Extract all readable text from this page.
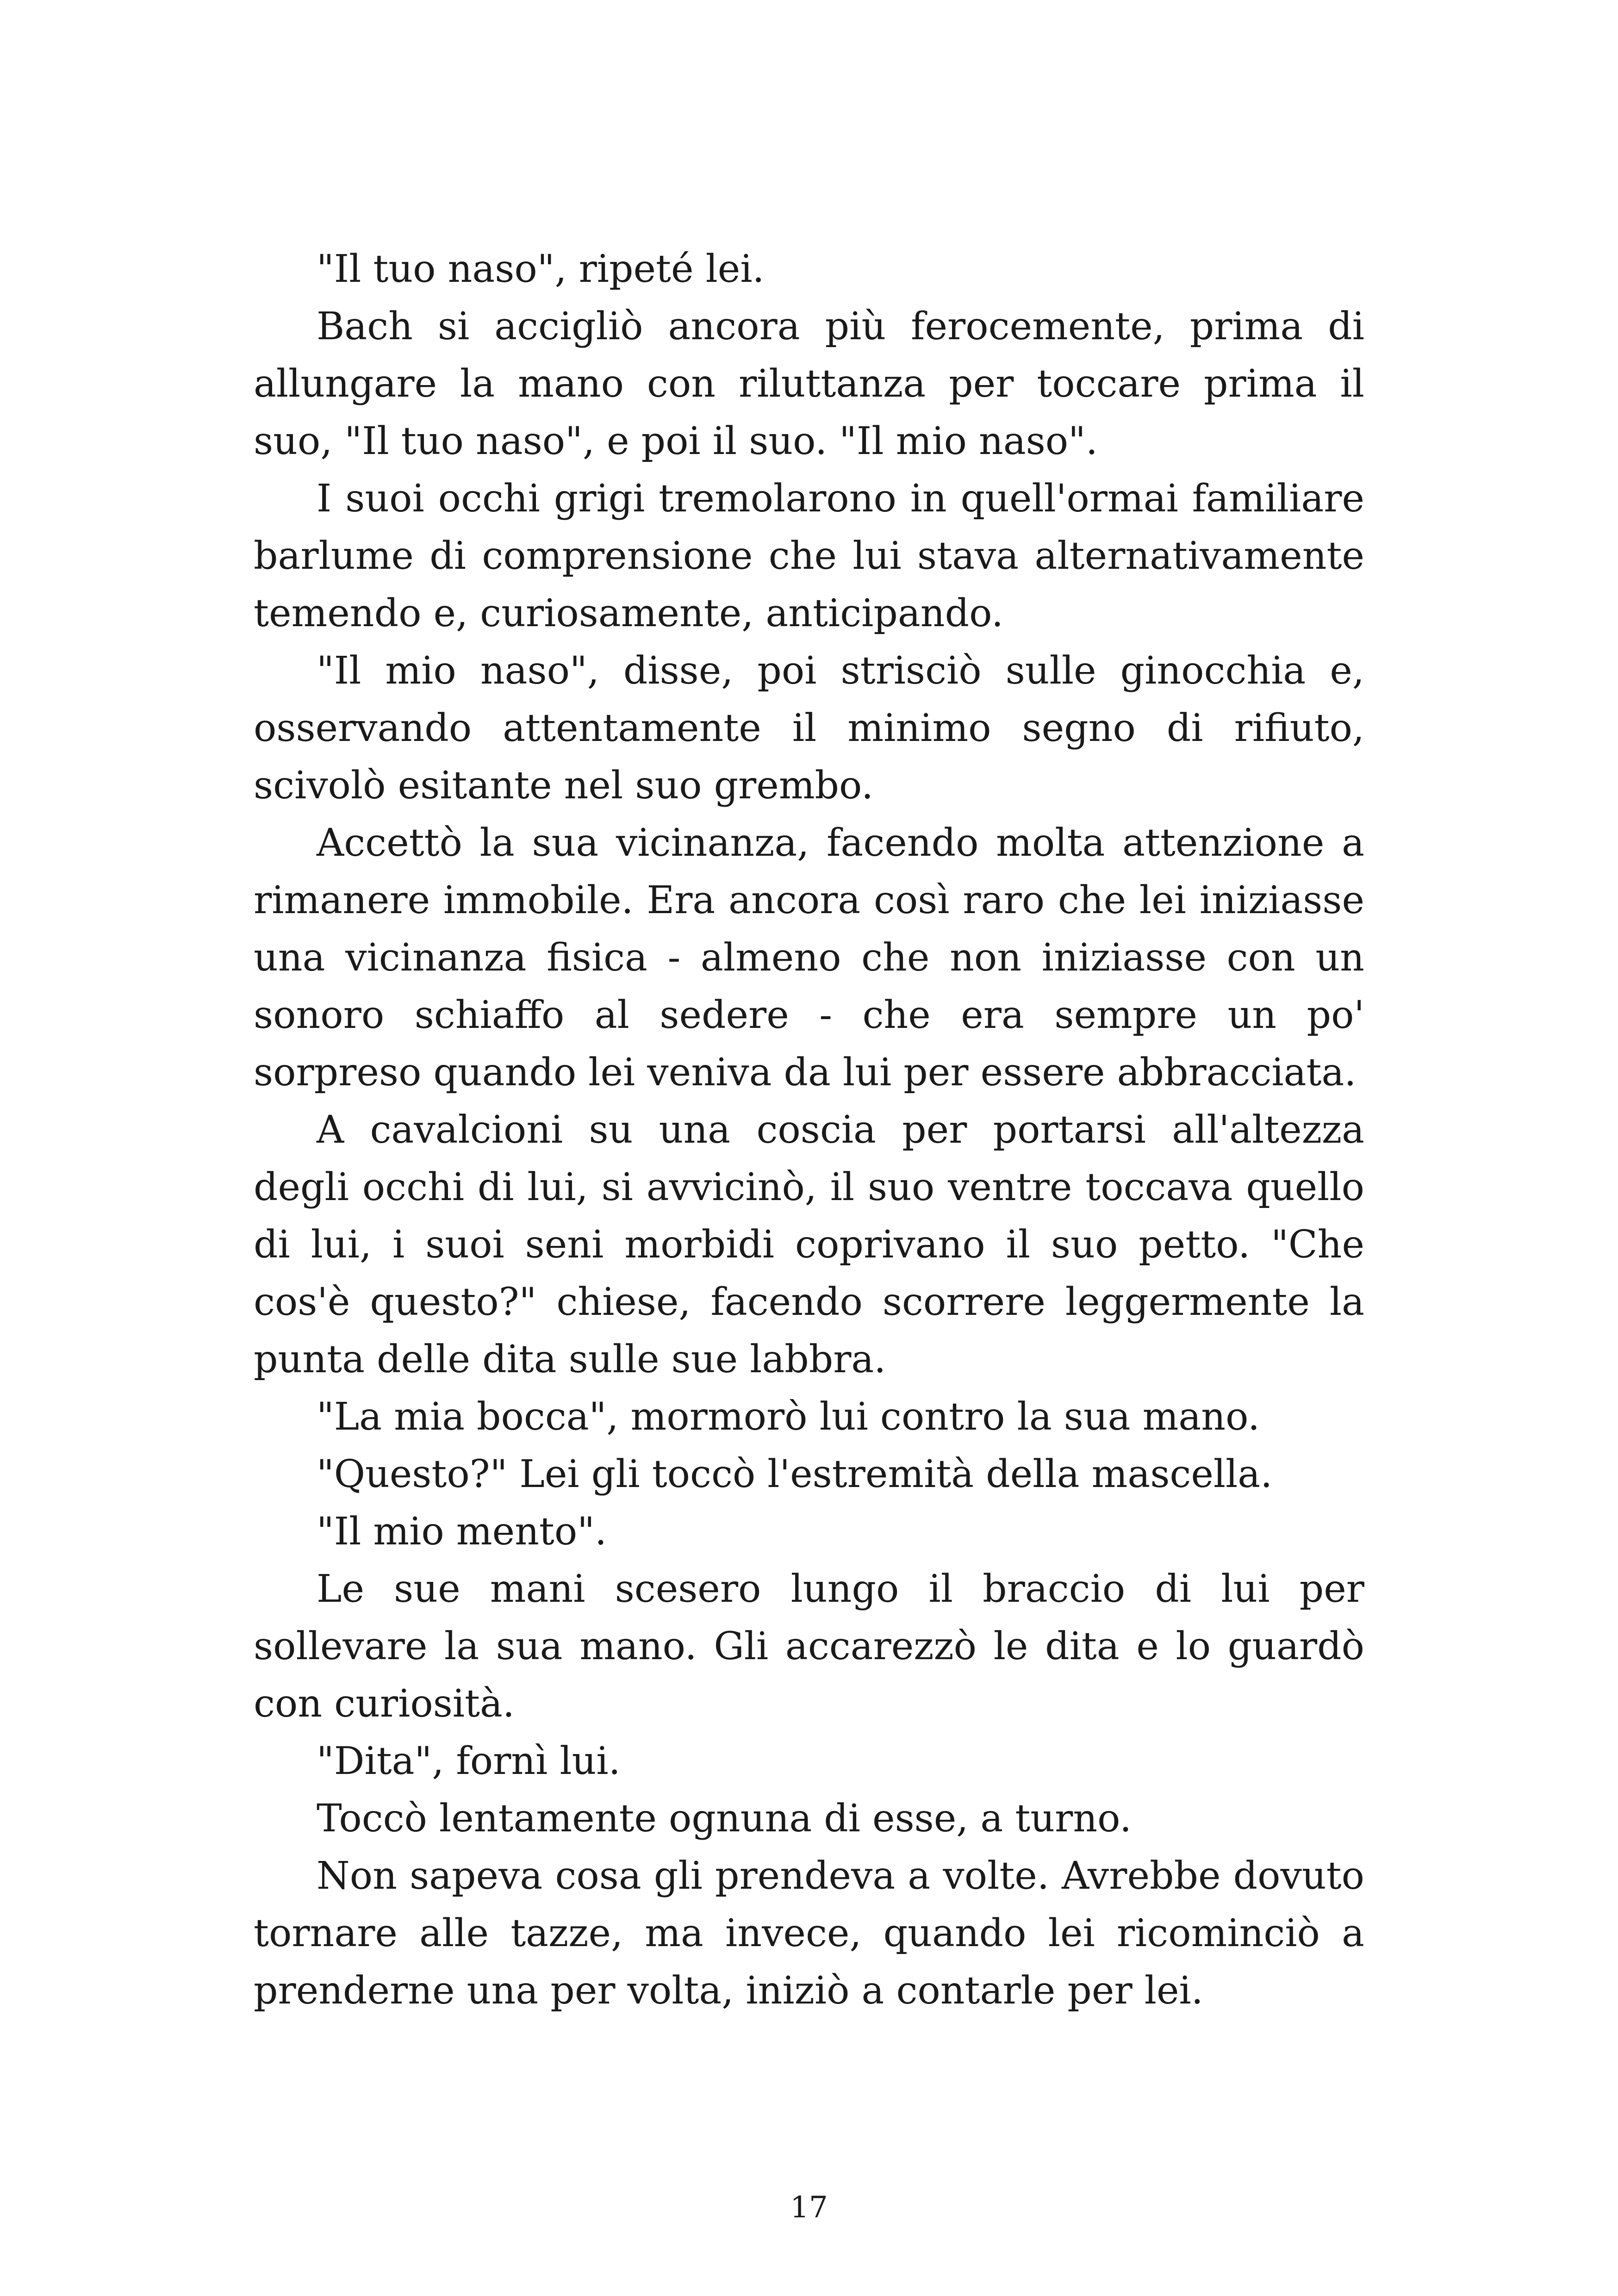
"Il tuo naso", ripeté lei.

Bach si accigliò ancora più ferocemente, prima di allungare la mano con riluttanza per toccare prima il suo, "Il tuo naso", e poi il suo. "Il mio naso".

I suoi occhi grigi tremolarono in quell'ormai familiare barlume di comprensione che lui stava alternativamente temendo e, curiosamente, anticipando.

"Il mio naso", disse, poi strisciò sulle ginocchia e, osservando attentamente il minimo segno di rifiuto, scivolò esitante nel suo grembo.

Accettò la sua vicinanza, facendo molta attenzione a rimanere immobile. Era ancora così raro che lei iniziasse una vicinanza fisica - almeno che non iniziasse con un sonoro schiaffo al sedere - che era sempre un po' sorpreso quando lei veniva da lui per essere abbracciata.

A cavalcioni su una coscia per portarsi all'altezza degli occhi di lui, si avvicinò, il suo ventre toccava quello di lui, i suoi seni morbidi coprivano il suo petto. "Che cos'è questo?" chiese, facendo scorrere leggermente la punta delle dita sulle sue labbra.

"La mia bocca", mormorò lui contro la sua mano.

"Questo?" Lei gli toccò l'estremità della mascella.

"Il mio mento".

Le sue mani scesero lungo il braccio di lui per sollevare la sua mano. Gli accarezzò le dita e lo guardò con curiosità.

"Dita", fornì lui.

Toccò lentamente ognuna di esse, a turno.

Non sapeva cosa gli prendeva a volte. Avrebbe dovuto tornare alle tazze, ma invece, quando lei ricominciò a prenderne una per volta, iniziò a contarle per lei.

17
